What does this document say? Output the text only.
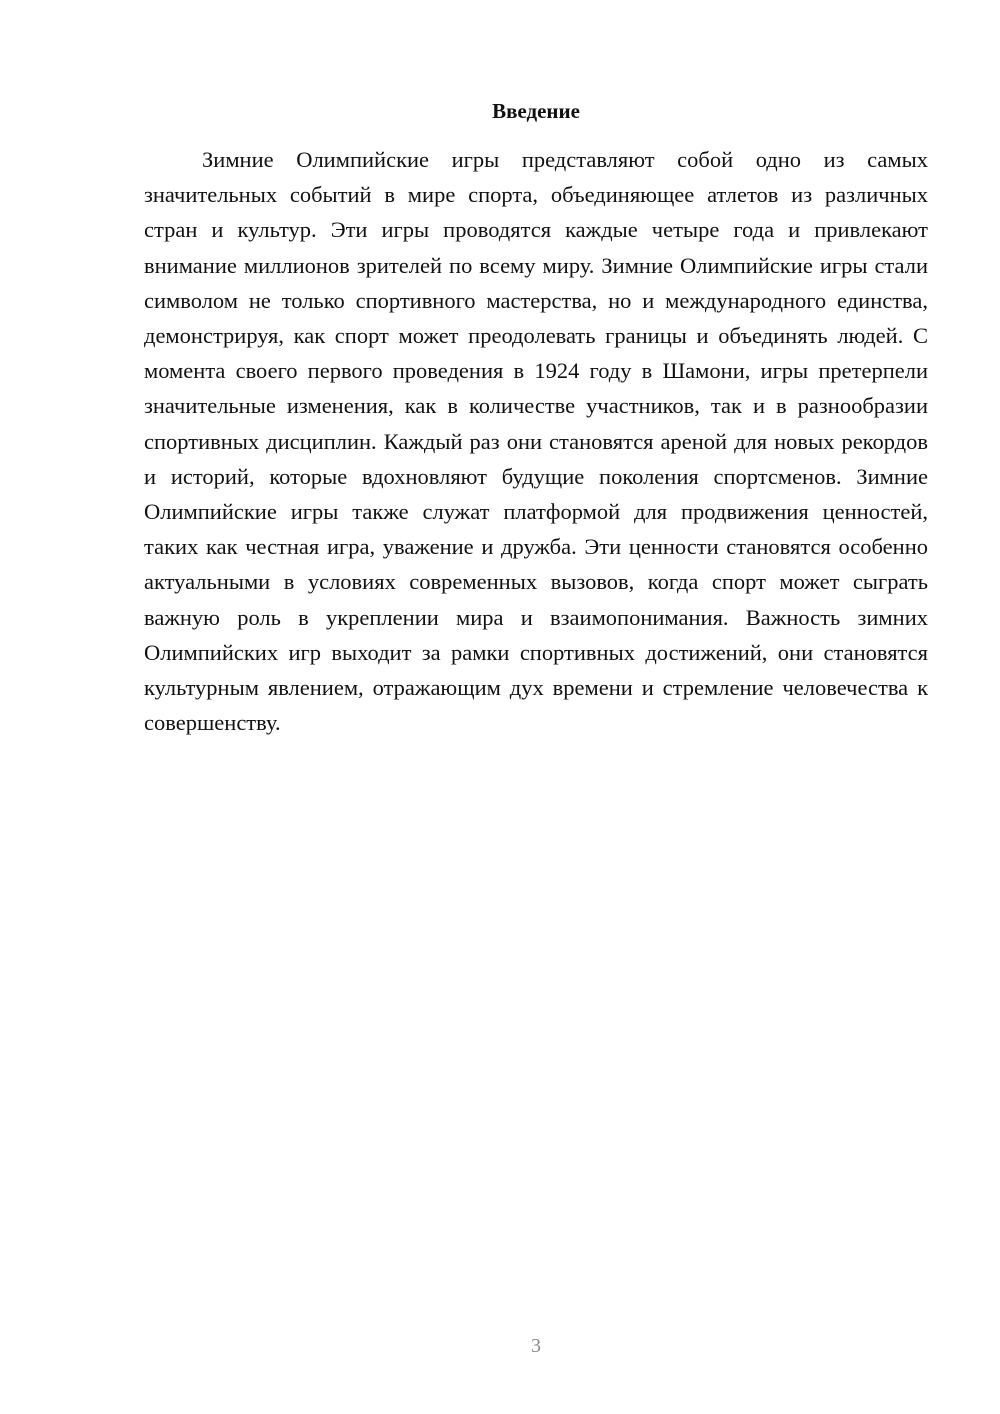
Введение

Зимние Олимпийские игры представляют собой одно из самых значительных событий в мире спорта, объединяющее атлетов из различных стран и культур. Эти игры проводятся каждые четыре года и привлекают внимание миллионов зрителей по всему миру. Зимние Олимпийские игры стали символом не только спортивного мастерства, но и международного единства, демонстрируя, как спорт может преодолевать границы и объединять людей. С момента своего первого проведения в 1924 году в Шамони, игры претерпели значительные изменения, как в количестве участников, так и в разнообразии спортивных дисциплин. Каждый раз они становятся ареной для новых рекордов и историй, которые вдохновляют будущие поколения спортсменов. Зимние Олимпийские игры также служат платформой для продвижения ценностей, таких как честная игра, уважение и дружба. Эти ценности становятся особенно актуальными в условиях современных вызовов, когда спорт может сыграть важную роль в укреплении мира и взаимопонимания. Важность зимних Олимпийских игр выходит за рамки спортивных достижений, они становятся культурным явлением, отражающим дух времени и стремление человечества к совершенству.

3
